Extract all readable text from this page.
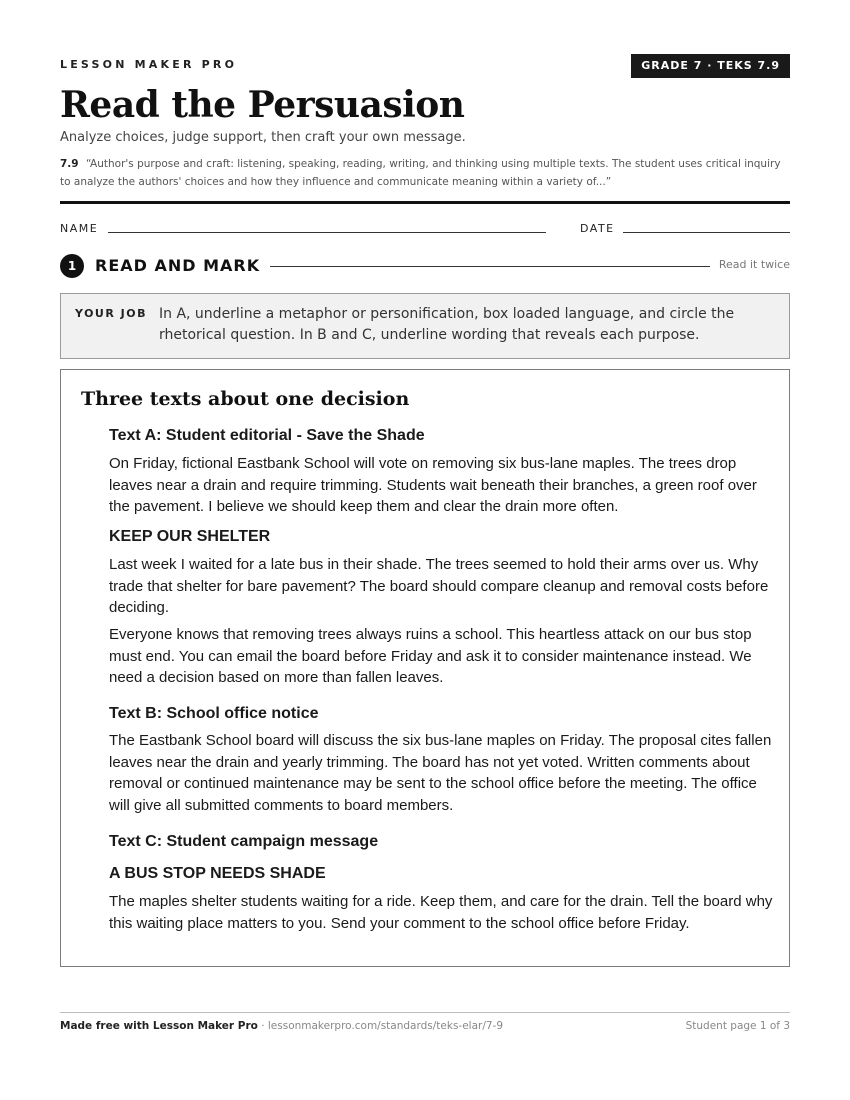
LESSON MAKER PRO	GRADE 7 · TEKS 7.9
Read the Persuasion
Analyze choices, judge support, then craft your own message.
7.9 “Author's purpose and craft: listening, speaking, reading, writing, and thinking using multiple texts. The student uses critical inquiry to analyze the authors' choices and how they influence and communicate meaning within a variety of...”
NAME	DATE
1	READ AND MARK	Read it twice
YOUR JOB In A, underline a metaphor or personification, box loaded language, and circle the rhetorical question. In B and C, underline wording that reveals each purpose.
Three texts about one decision
Text A: Student editorial - Save the Shade
On Friday, fictional Eastbank School will vote on removing six bus-lane maples. The trees drop leaves near a drain and require trimming. Students wait beneath their branches, a green roof over the pavement. I believe we should keep them and clear the drain more often.
KEEP OUR SHELTER
Last week I waited for a late bus in their shade. The trees seemed to hold their arms over us. Why trade that shelter for bare pavement? The board should compare cleanup and removal costs before deciding.
Everyone knows that removing trees always ruins a school. This heartless attack on our bus stop must end. You can email the board before Friday and ask it to consider maintenance instead. We need a decision based on more than fallen leaves.
Text B: School office notice
The Eastbank School board will discuss the six bus-lane maples on Friday. The proposal cites fallen leaves near the drain and yearly trimming. The board has not yet voted. Written comments about removal or continued maintenance may be sent to the school office before the meeting. The office will give all submitted comments to board members.
Text C: Student campaign message
A BUS STOP NEEDS SHADE
The maples shelter students waiting for a ride. Keep them, and care for the drain. Tell the board why this waiting place matters to you. Send your comment to the school office before Friday.
Made free with Lesson Maker Pro · lessonmakerpro.com/standards/teks-elar/7-9	Student page 1 of 3
